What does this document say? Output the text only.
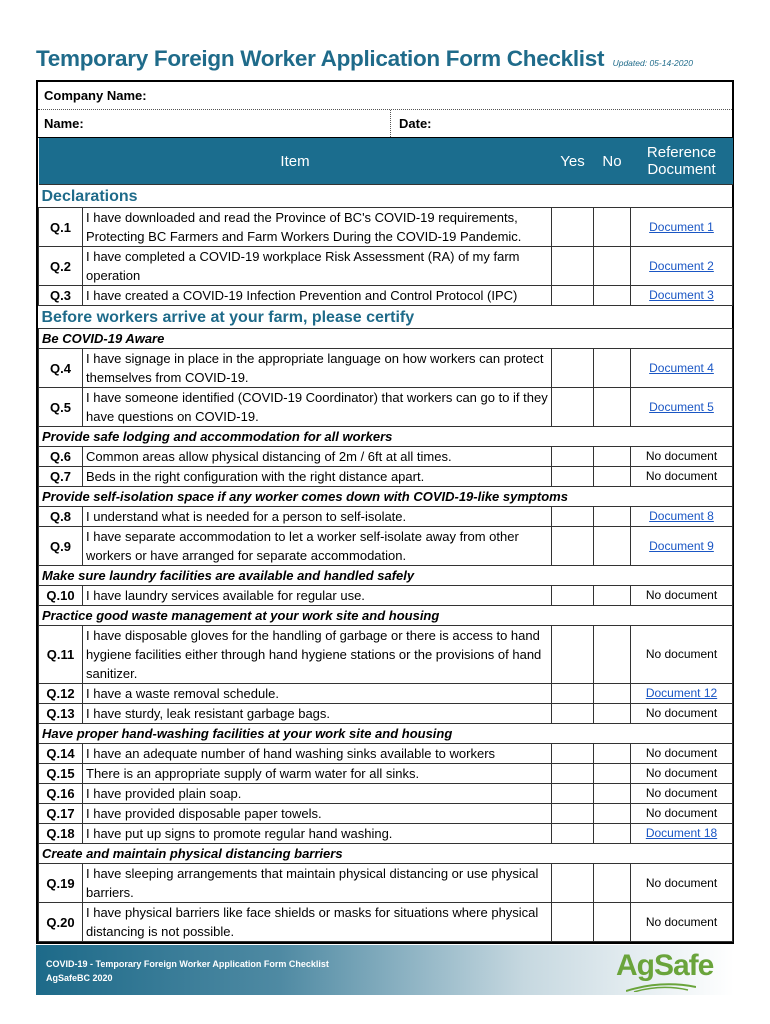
Temporary Foreign Worker Application Form Checklist Updated: 05-14-2020
Company Name:
Name:	Date:
Item		Yes	No	Reference
Document

Declarations				
Q.1	I have downloaded and read the Province of BC's COVID-19 requirements, Protecting BC Farmers and Farm Workers During the COVID-19 Pandemic.			Document 1
Q.2	I have completed a COVID-19 workplace Risk Assessment (RA) of my farm operation			Document 2
Q.3	I have created a COVID-19 Infection Prevention and Control Protocol (IPC)			Document 3
Before workers arrive at your farm, please certify				
Be COVID-19 Aware				
Q.4	I have signage in place in the appropriate language on how workers can protect themselves from COVID-19.			Document 4
Q.5	I have someone identified (COVID-19 Coordinator) that workers can go to if they have questions on COVID-19.			Document 5
Provide safe lodging and accommodation for all workers				
Q.6	Common areas allow physical distancing of 2m / 6ft at all times.			No document
Q.7	Beds in the right configuration with the right distance apart.			No document
Provide self-isolation space if any worker comes down with COVID-19-like symptoms				
Q.8	I understand what is needed for a person to self-isolate.			Document 8
Q.9	I have separate accommodation to let a worker self-isolate away from other workers or have arranged for separate accommodation.			Document 9
Make sure laundry facilities are available and handled safely				
Q.10	I have laundry services available for regular use.			No document
Practice good waste management at your work site and housing				
Q.11	I have disposable gloves for the handling of garbage or there is access to hand hygiene facilities either through hand hygiene stations or the provisions of hand sanitizer.			No document
Q.12	I have a waste removal schedule.			Document 12
Q.13	I have sturdy, leak resistant garbage bags.			No document
Have proper hand-washing facilities at your work site and housing				
Q.14	I have an adequate number of hand washing sinks available to workers			No document
Q.15	There is an appropriate supply of warm water for all sinks.			No document
Q.16	I have provided plain soap.			No document
Q.17	I have provided disposable paper towels.			No document
Q.18	I have put up signs to promote regular hand washing.			Document 18
Create and maintain physical distancing barriers				
Q.19	I have sleeping arrangements that maintain physical distancing or use physical barriers.			No document
Q.20	I have physical barriers like face shields or masks for situations where physical distancing is not possible.			No document
COVID-19 - Temporary Foreign Worker Application Form Checklist
AgSafeBC 2020	AgSafe
